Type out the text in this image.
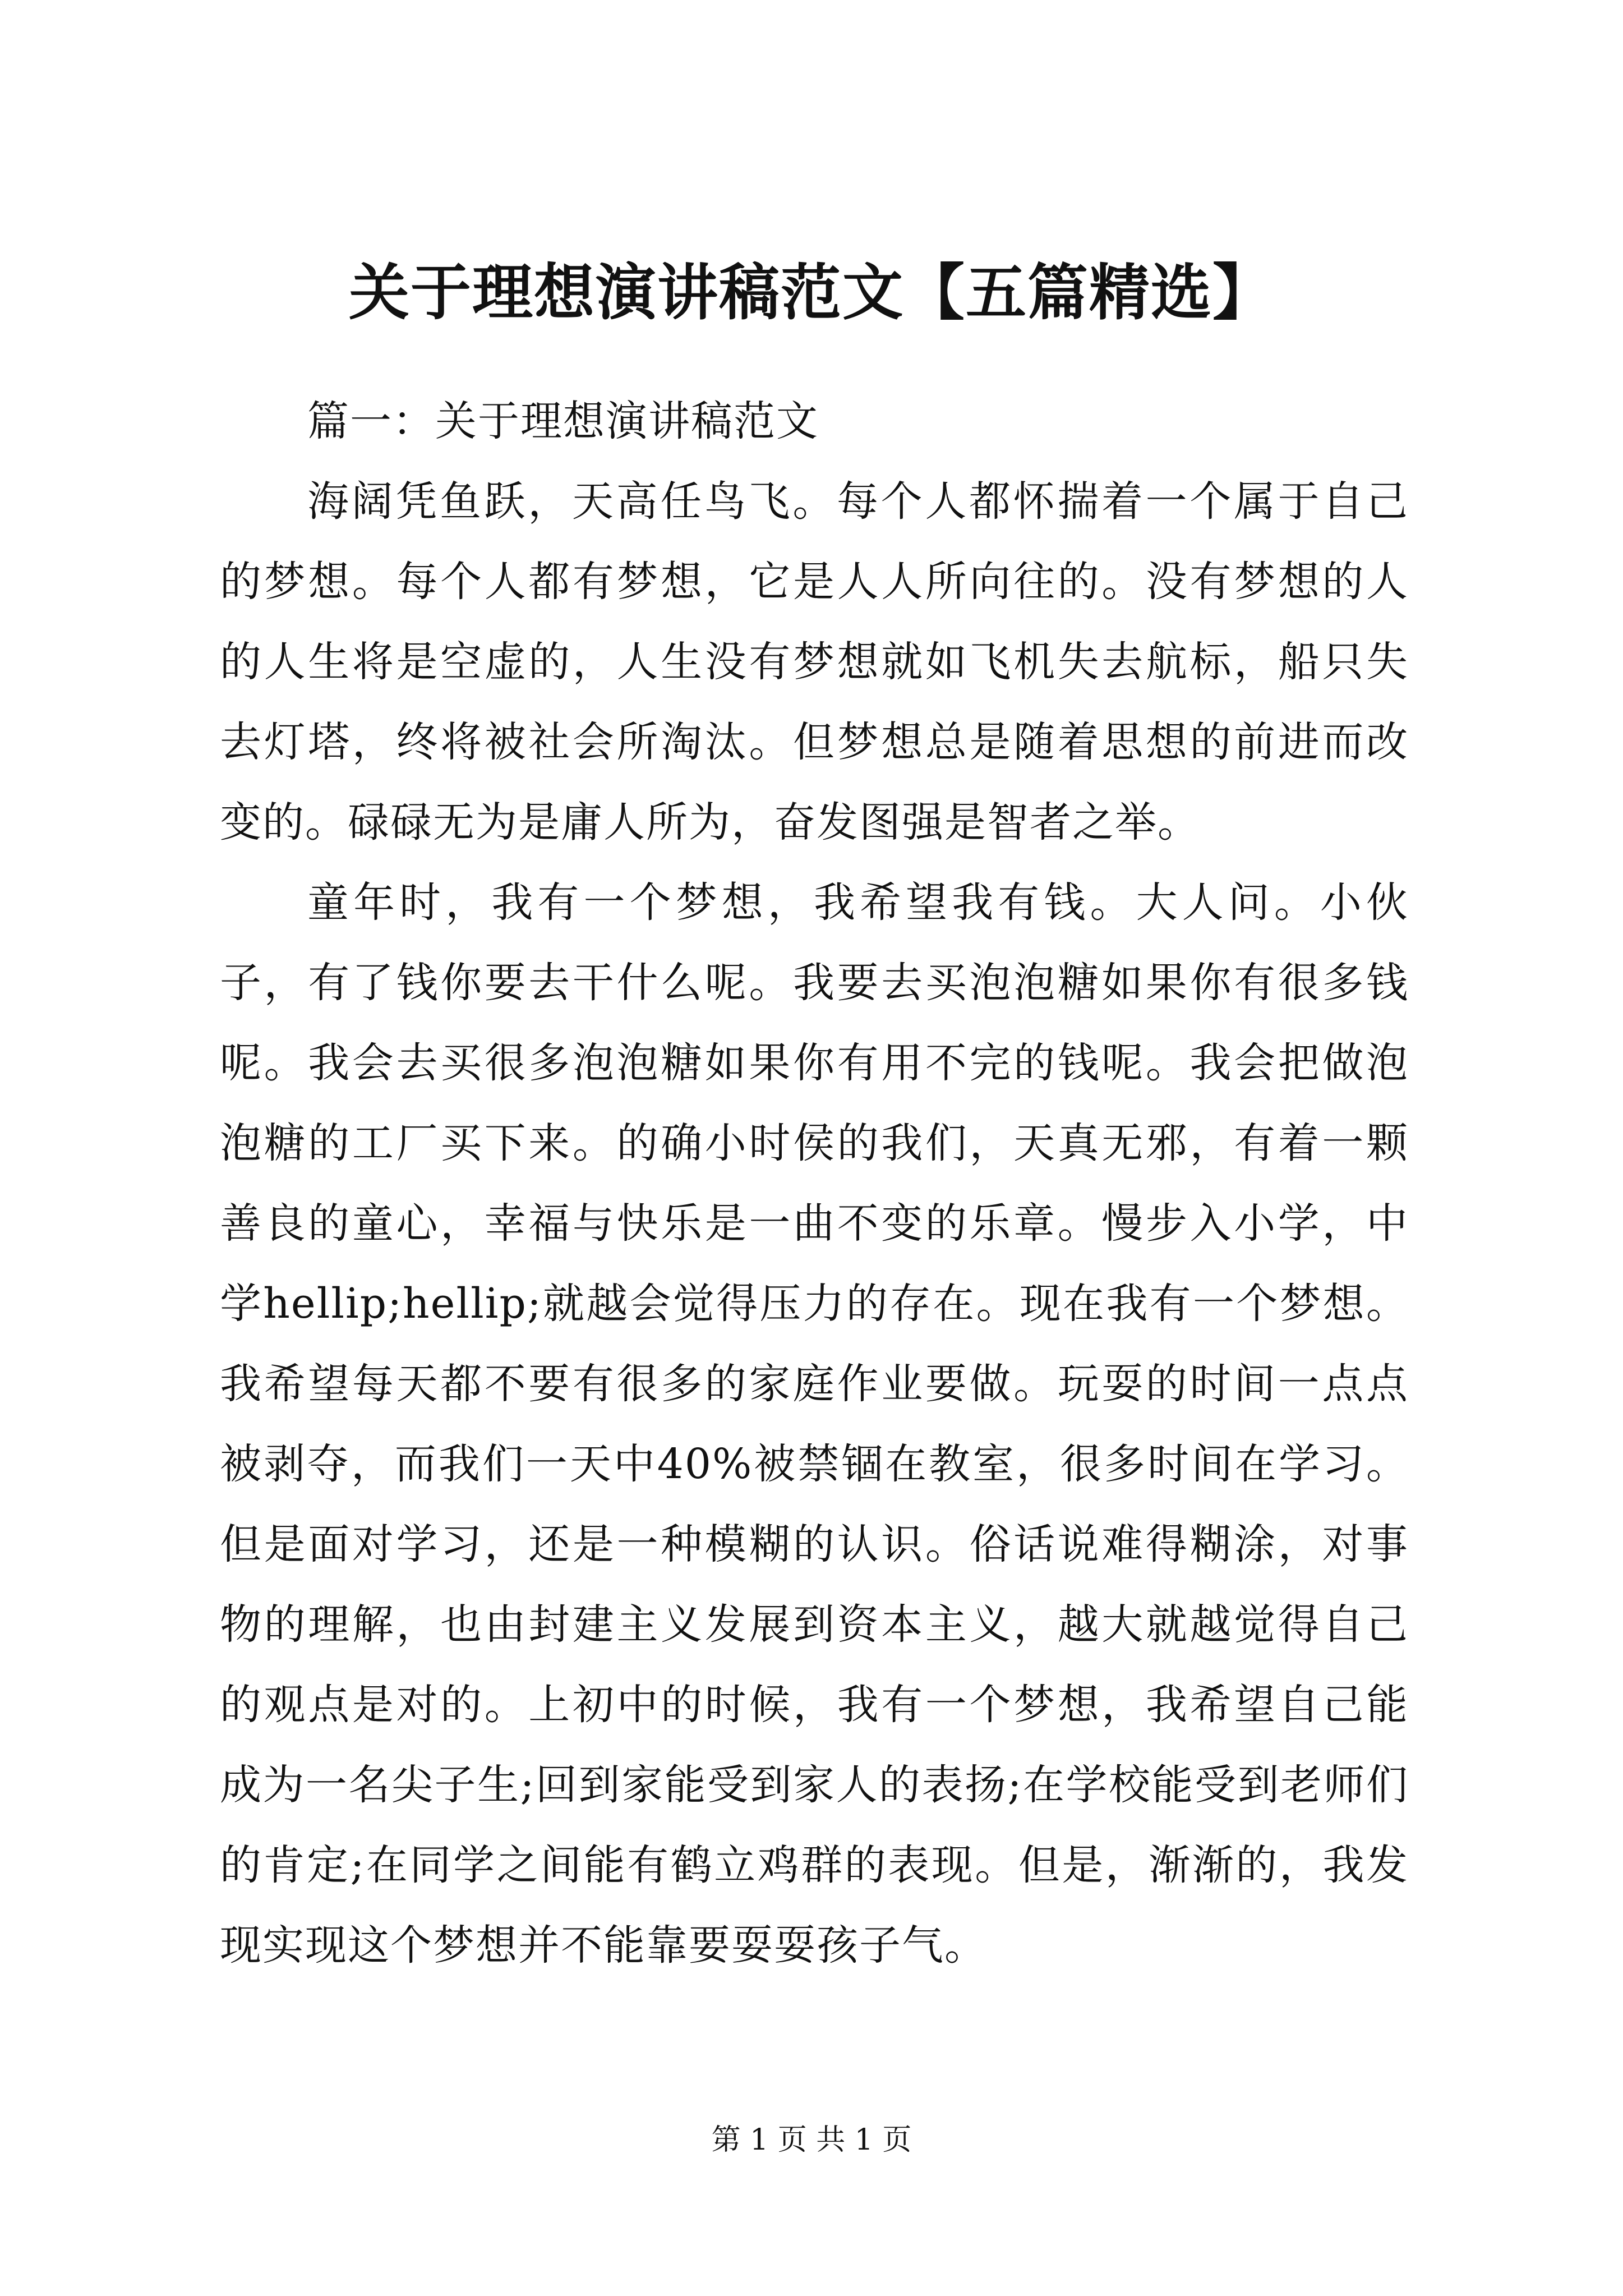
关于理想演讲稿范文【五篇精选】

篇一：关于理想演讲稿范文

海阔凭鱼跃，天高任鸟飞。每个人都怀揣着一个属于自己的梦想。每个人都有梦想，它是人人所向往的。没有梦想的人的人生将是空虚的，人生没有梦想就如飞机失去航标，船只失去灯塔，终将被社会所淘汰。但梦想总是随着思想的前进而改变的。碌碌无为是庸人所为，奋发图强是智者之举。

童年时，我有一个梦想，我希望我有钱。大人问。小伙子，有了钱你要去干什么呢。我要去买泡泡糖如果你有很多钱呢。我会去买很多泡泡糖如果你有用不完的钱呢。我会把做泡泡糖的工厂买下来。的确小时侯的我们，天真无邪，有着一颗善良的童心，幸福与快乐是一曲不变的乐章。慢步入小学，中学hellip;hellip;就越会觉得压力的存在。现在我有一个梦想。我希望每天都不要有很多的家庭作业要做。玩耍的时间一点点被剥夺，而我们一天中40%被禁锢在教室，很多时间在学习。但是面对学习，还是一种模糊的认识。俗话说难得糊涂，对事物的理解，也由封建主义发展到资本主义，越大就越觉得自己的观点是对的。上初中的时候，我有一个梦想，我希望自己能成为一名尖子生;回到家能受到家人的表扬;在学校能受到老师们的肯定;在同学之间能有鹤立鸡群的表现。但是，渐渐的，我发现实现这个梦想并不能靠要耍耍孩子气。

第 1 页 共 1 页
